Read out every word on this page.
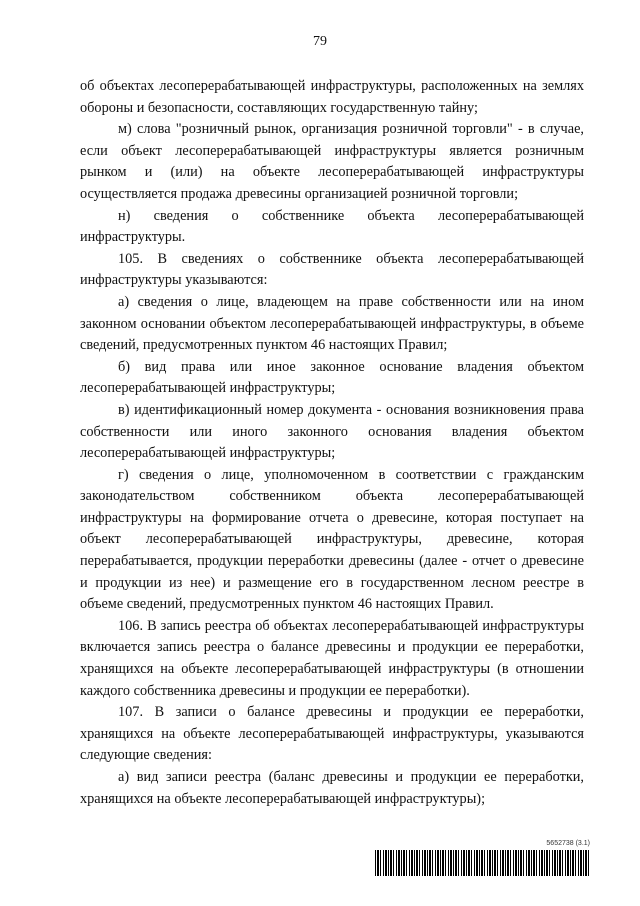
79

об объектах лесоперерабатывающей инфраструктуры, расположенных на землях обороны и безопасности, составляющих государственную тайну;

м) слова "розничный рынок, организация розничной торговли" - в случае, если объект лесоперерабатывающей инфраструктуры является розничным рынком и (или) на объекте лесоперерабатывающей инфраструктуры осуществляется продажа древесины организацией розничной торговли;

н) сведения о собственнике объекта лесоперерабатывающей инфраструктуры.

105. В сведениях о собственнике объекта лесоперерабатывающей инфраструктуры указываются:

а) сведения о лице, владеющем на праве собственности или на ином законном основании объектом лесоперерабатывающей инфраструктуры, в объеме сведений, предусмотренных пунктом 46 настоящих Правил;

б) вид права или иное законное основание владения объектом лесоперерабатывающей инфраструктуры;

в) идентификационный номер документа - основания возникновения права собственности или иного законного основания владения объектом лесоперерабатывающей инфраструктуры;

г) сведения о лице, уполномоченном в соответствии с гражданским законодательством собственником объекта лесоперерабатывающей инфраструктуры на формирование отчета о древесине, которая поступает на объект лесоперерабатывающей инфраструктуры, древесине, которая перерабатывается, продукции переработки древесины (далее - отчет о древесине и продукции из нее) и размещение его в государственном лесном реестре в объеме сведений, предусмотренных пунктом 46 настоящих Правил.

106. В запись реестра об объектах лесоперерабатывающей инфраструктуры включается запись реестра о балансе древесины и продукции ее переработки, хранящихся на объекте лесоперерабатывающей инфраструктуры (в отношении каждого собственника древесины и продукции ее переработки).

107. В записи о балансе древесины и продукции ее переработки, хранящихся на объекте лесоперерабатывающей инфраструктуры, указываются следующие сведения:

а) вид записи реестра (баланс древесины и продукции ее переработки, хранящихся на объекте лесоперерабатывающей инфраструктуры);

5652738 (3.1)
